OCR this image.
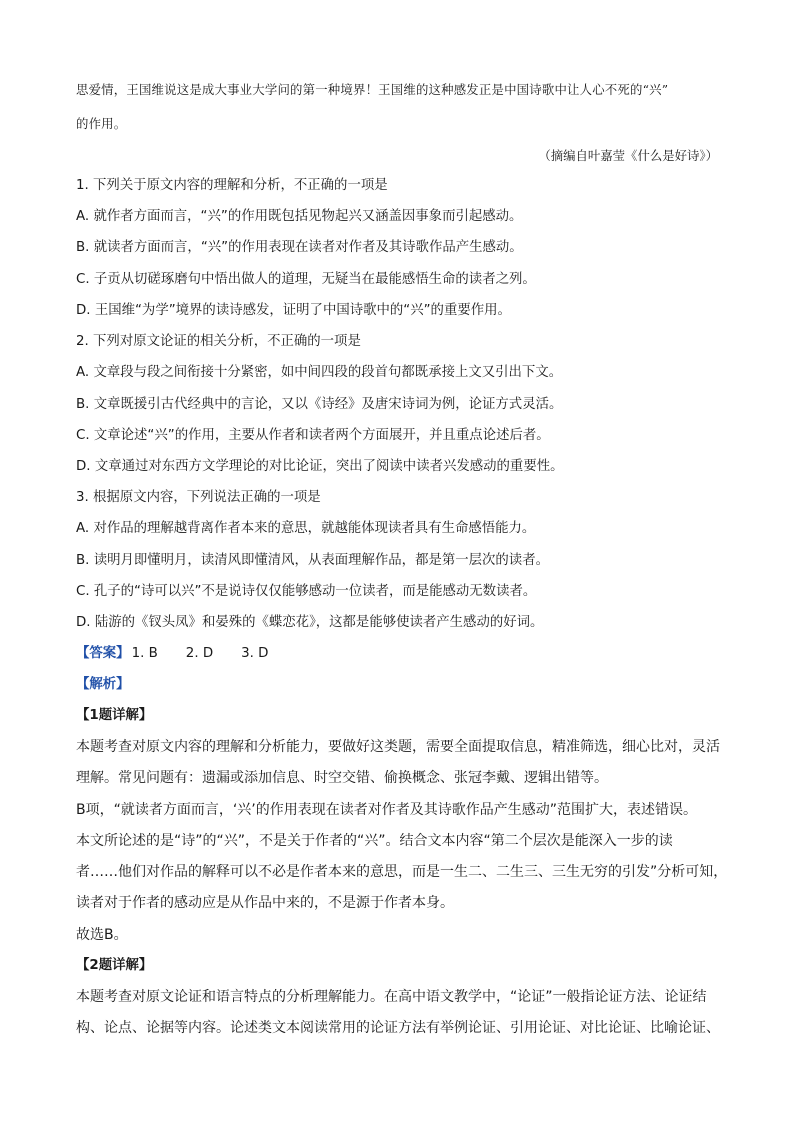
思爱情，王国维说这是成大事业大学问的第一种境界！王国维的这种感发正是中国诗歌中让人心不死的“兴”
的作用。
（摘编自叶嘉莹《什么是好诗》）
1. 下列关于原文内容的理解和分析，不正确的一项是
A. 就作者方面而言，“兴”的作用既包括见物起兴又涵盖因事象而引起感动。
B. 就读者方面而言，“兴”的作用表现在读者对作者及其诗歌作品产生感动。
C. 子贡从切磋琢磨句中悟出做人的道理，无疑当在最能感悟生命的读者之列。
D. 王国维“为学”境界的读诗感发，证明了中国诗歌中的“兴”的重要作用。
2. 下列对原文论证的相关分析，不正确的一项是
A. 文章段与段之间衔接十分紧密，如中间四段的段首句都既承接上文又引出下文。
B. 文章既援引古代经典中的言论，又以《诗经》及唐宋诗词为例，论证方式灵活。
C. 文章论述“兴”的作用，主要从作者和读者两个方面展开，并且重点论述后者。
D. 文章通过对东西方文学理论的对比论证，突出了阅读中读者兴发感动的重要性。
3. 根据原文内容，下列说法正确的一项是
A. 对作品的理解越背离作者本来的意思，就越能体现读者具有生命感悟能力。
B. 读明月即懂明月，读清风即懂清风，从表面理解作品，都是第一层次的读者。
C. 孔子的“诗可以兴”不是说诗仅仅能够感动一位读者，而是能感动无数读者。
D. 陆游的《钗头凤》和晏殊的《蝶恋花》，这都是能够使读者产生感动的好词。
【答案】 1. B 2. D 3. D
【解析】
【1题详解】
本题考查对原文内容的理解和分析能力，要做好这类题，需要全面提取信息，精准筛选，细心比对，灵活
理解。常见问题有：遗漏或添加信息、时空交错、偷换概念、张冠李戴、逻辑出错等。
B项，“就读者方面而言，‘兴’的作用表现在读者对作者及其诗歌作品产生感动”范围扩大，表述错误。
本文所论述的是“诗”的“兴”，不是关于作者的“兴”。结合文本内容“第二个层次是能深入一步的读
者……他们对作品的解释可以不必是作者本来的意思，而是一生二、二生三、三生无穷的引发”分析可知，
读者对于作者的感动应是从作品中来的，不是源于作者本身。
故选B。
【2题详解】
本题考查对原文论证和语言特点的分析理解能力。在高中语文教学中，“论证”一般指论证方法、论证结
构、论点、论据等内容。论述类文本阅读常用的论证方法有举例论证、引用论证、对比论证、比喻论证、
